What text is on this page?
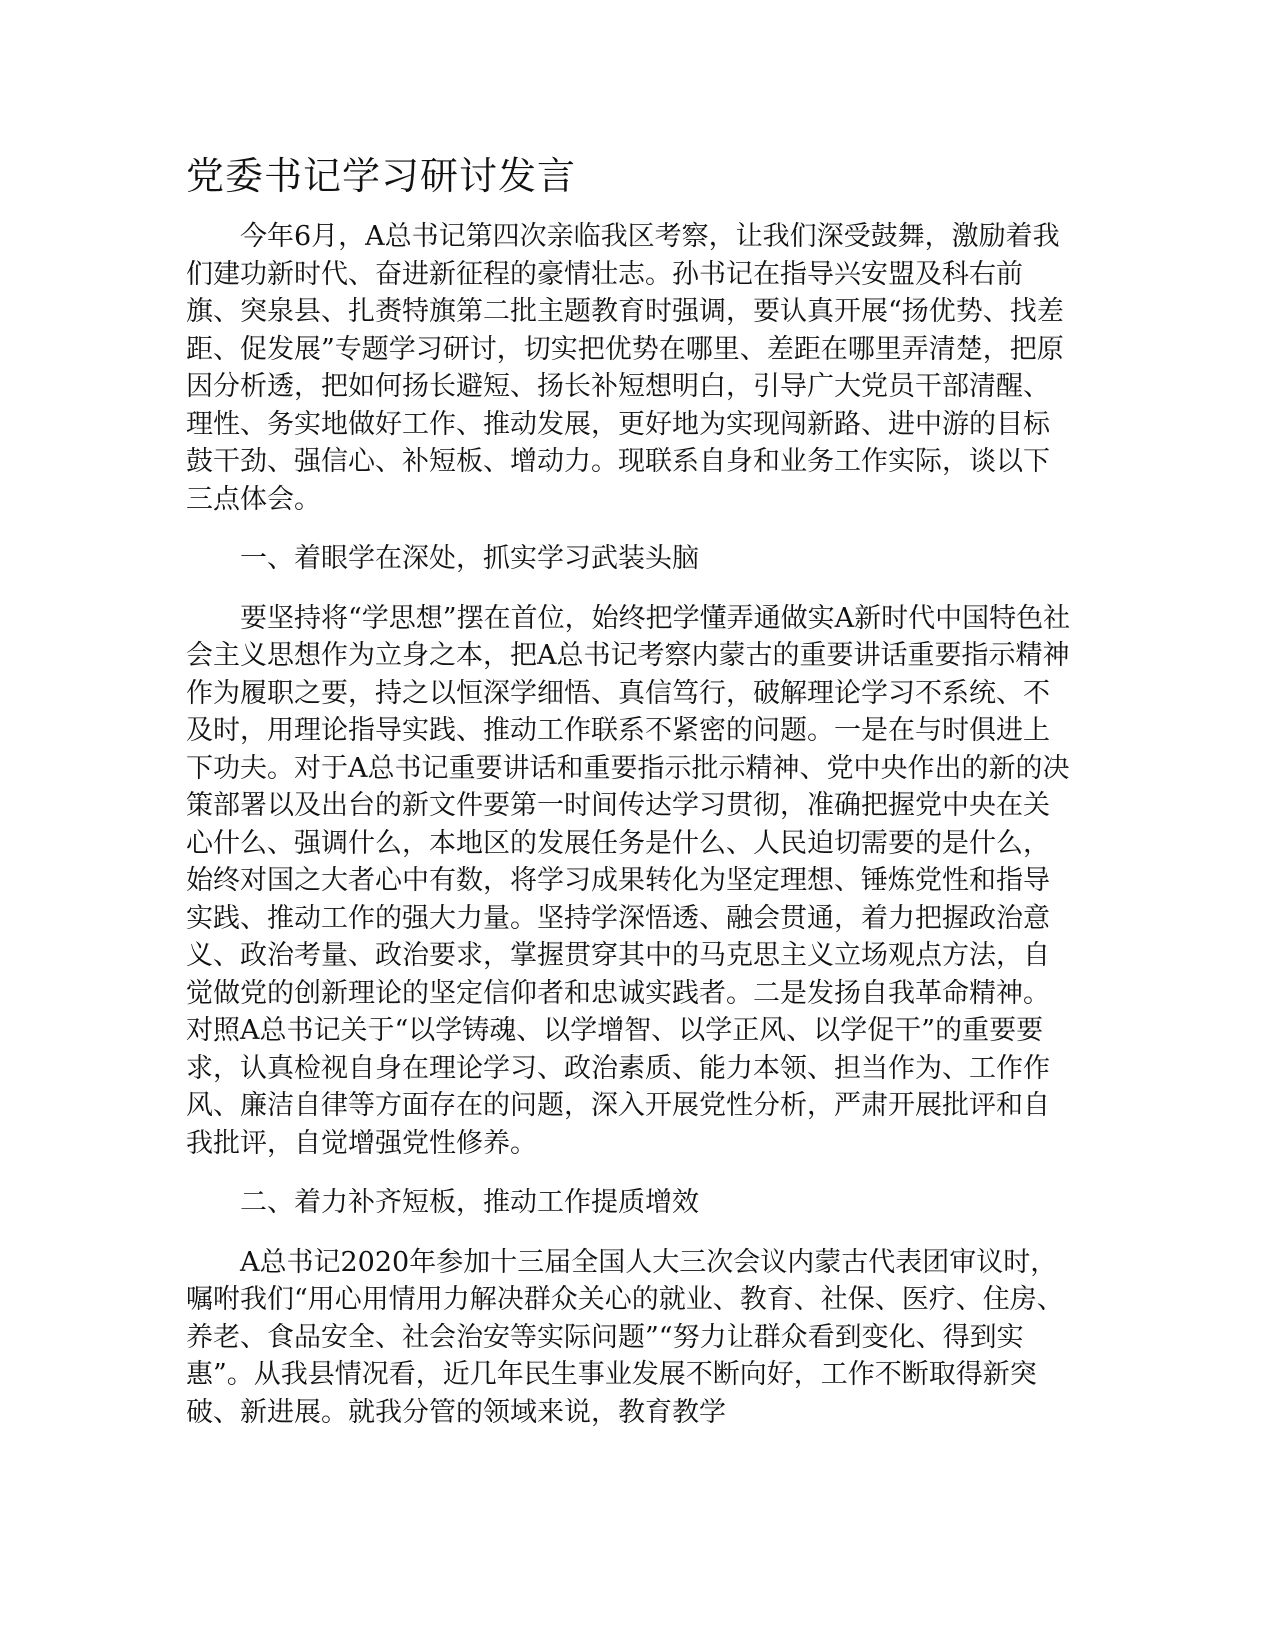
党委书记学习研讨发言

今年6月，A总书记第四次亲临我区考察，让我们深受鼓舞，激励着我们建功新时代、奋进新征程的豪情壮志。孙书记在指导兴安盟及科右前旗、突泉县、扎赉特旗第二批主题教育时强调，要认真开展“扬优势、找差距、促发展”专题学习研讨，切实把优势在哪里、差距在哪里弄清楚，把原因分析透，把如何扬长避短、扬长补短想明白，引导广大党员干部清醒、理性、务实地做好工作、推动发展，更好地为实现闯新路、进中游的目标鼓干劲、强信心、补短板、增动力。现联系自身和业务工作实际，谈以下三点体会。

一、着眼学在深处，抓实学习武装头脑

要坚持将“学思想”摆在首位，始终把学懂弄通做实A新时代中国特色社会主义思想作为立身之本，把A总书记考察内蒙古的重要讲话重要指示精神作为履职之要，持之以恒深学细悟、真信笃行，破解理论学习不系统、不及时，用理论指导实践、推动工作联系不紧密的问题。一是在与时俱进上下功夫。对于A总书记重要讲话和重要指示批示精神、党中央作出的新的决策部署以及出台的新文件要第一时间传达学习贯彻，准确把握党中央在关心什么、强调什么，本地区的发展任务是什么、人民迫切需要的是什么，始终对国之大者心中有数，将学习成果转化为坚定理想、锤炼党性和指导实践、推动工作的强大力量。坚持学深悟透、融会贯通，着力把握政治意义、政治考量、政治要求，掌握贯穿其中的马克思主义立场观点方法，自觉做党的创新理论的坚定信仰者和忠诚实践者。二是发扬自我革命精神。对照A总书记关于“以学铸魂、以学增智、以学正风、以学促干”的重要要求，认真检视自身在理论学习、政治素质、能力本领、担当作为、工作作风、廉洁自律等方面存在的问题，深入开展党性分析，严肃开展批评和自我批评，自觉增强党性修养。

二、着力补齐短板，推动工作提质增效

A总书记2020年参加十三届全国人大三次会议内蒙古代表团审议时，嘱咐我们“用心用情用力解决群众关心的就业、教育、社保、医疗、住房、养老、食品安全、社会治安等实际问题”“努力让群众看到变化、得到实惠”。从我县情况看，近几年民生事业发展不断向好，工作不断取得新突破、新进展。就我分管的领域来说，教育教学
